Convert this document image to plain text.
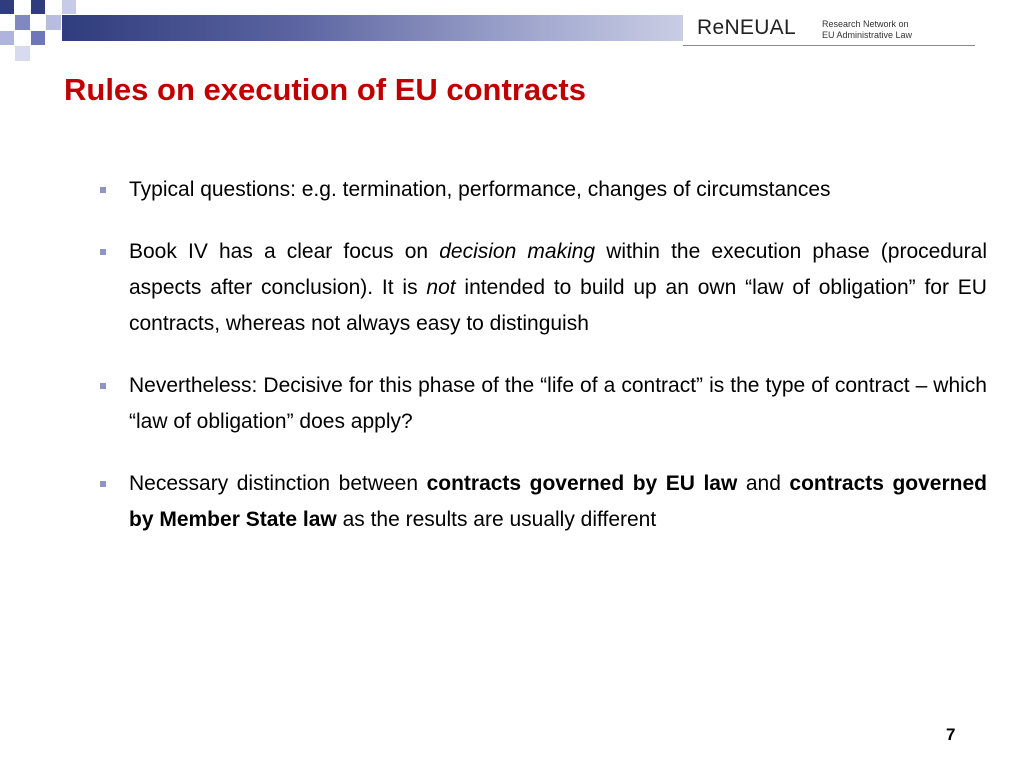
ReNEUAL	Research Network on
EU Administrative Law
Rules on execution of EU contracts
Typical questions: e.g. termination, performance, changes of circumstances
Book IV has a clear focus on decision making within the execution phase (procedural aspects after conclusion). It is not intended to build up an own “law of obligation” for EU contracts, whereas not always easy to distinguish
Nevertheless: Decisive for this phase of the “life of a contract” is the type of contract – which “law of obligation” does apply?
Necessary distinction between contracts governed by EU law and contracts governed by Member State law as the results are usually different
7
